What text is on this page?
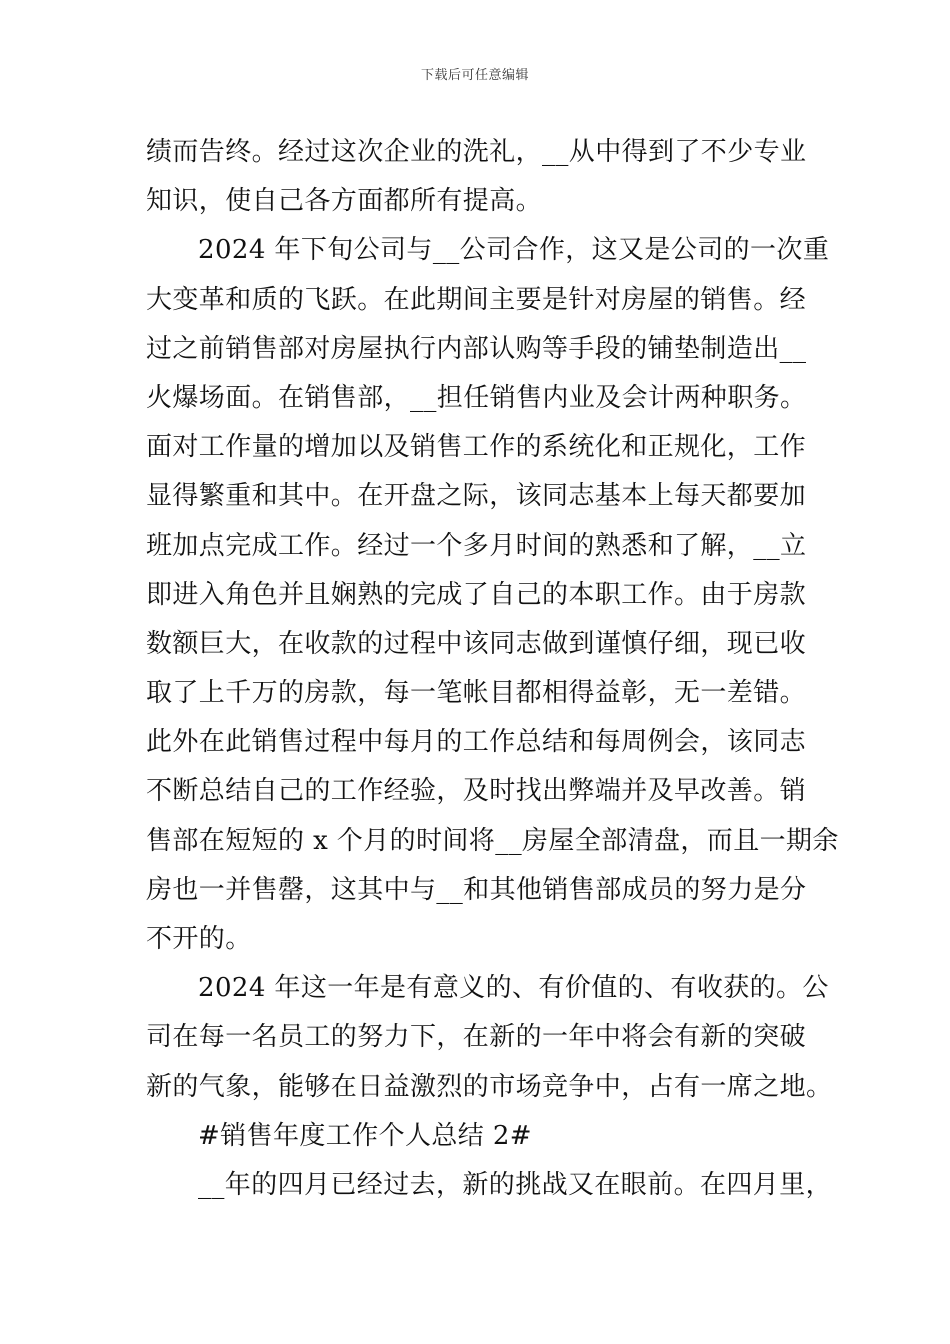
下载后可任意编辑
绩而告终。经过这次企业的洗礼，__从中得到了不少专业
知识，使自己各方面都所有提高。
2024 年下旬公司与__公司合作，这又是公司的一次重
大变革和质的飞跃。在此期间主要是针对房屋的销售。经
过之前销售部对房屋执行内部认购等手段的铺垫制造出__
火爆场面。在销售部，__担任销售内业及会计两种职务。
面对工作量的增加以及销售工作的系统化和正规化，工作
显得繁重和其中。在开盘之际，该同志基本上每天都要加
班加点完成工作。经过一个多月时间的熟悉和了解，__立
即进入角色并且娴熟的完成了自己的本职工作。由于房款
数额巨大，在收款的过程中该同志做到谨慎仔细，现已收
取了上千万的房款，每一笔帐目都相得益彰，无一差错。
此外在此销售过程中每月的工作总结和每周例会，该同志
不断总结自己的工作经验，及时找出弊端并及早改善。销
售部在短短的 x 个月的时间将__房屋全部清盘，而且一期余
房也一并售罄，这其中与__和其他销售部成员的努力是分
不开的。
2024 年这一年是有意义的、有价值的、有收获的。公
司在每一名员工的努力下，在新的一年中将会有新的突破
新的气象，能够在日益激烈的市场竞争中，占有一席之地。
#销售年度工作个人总结 2#
__年的四月已经过去，新的挑战又在眼前。在四月里，
